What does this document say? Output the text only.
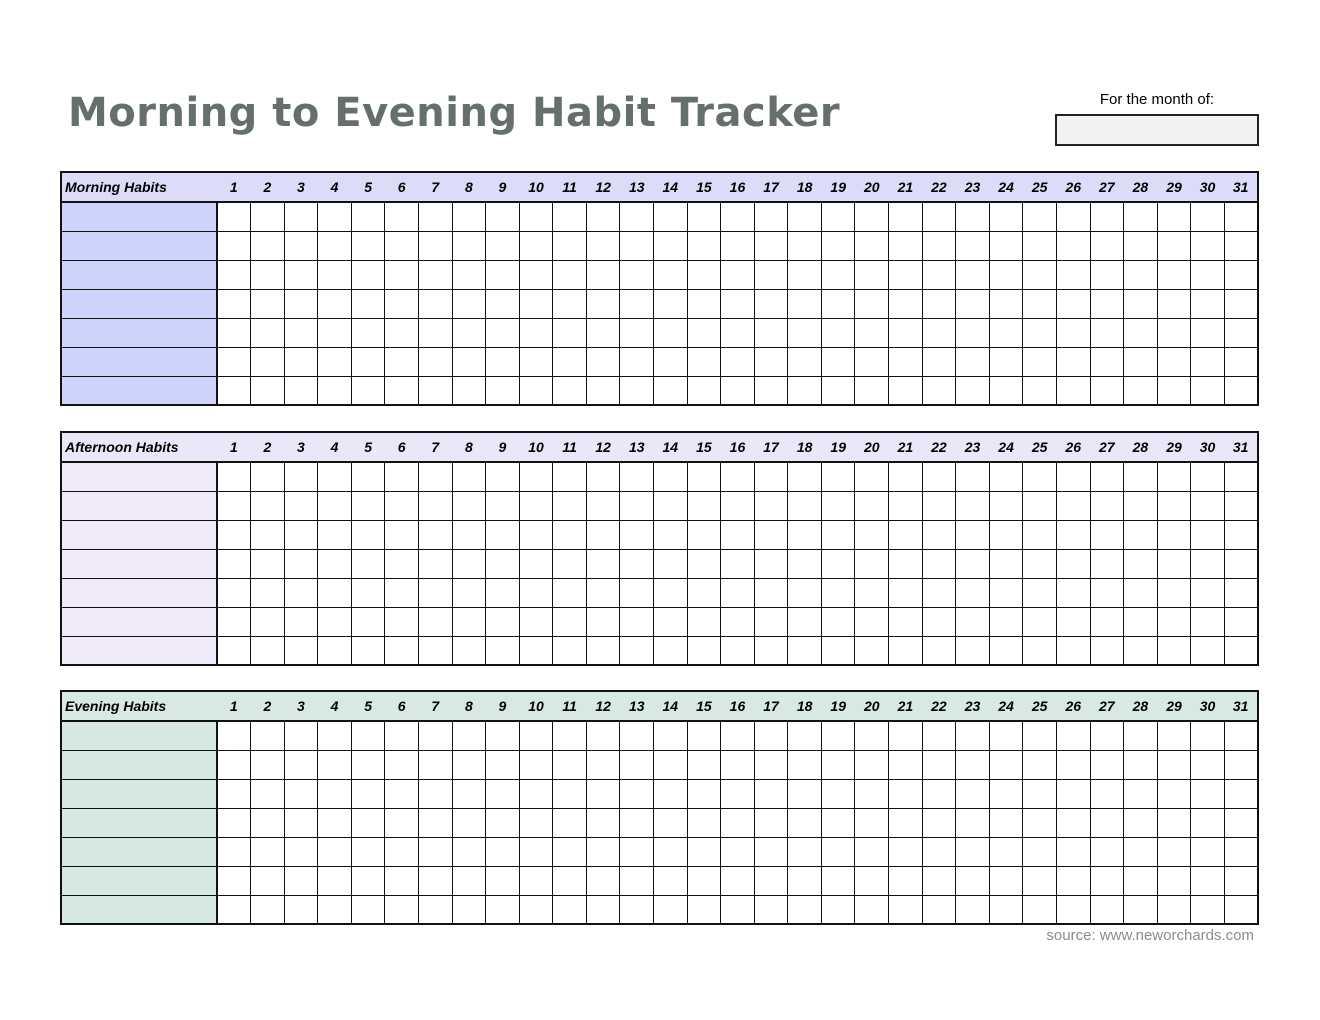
Morning to Evening Habit Tracker	For the month of:
Morning Habits	1	2	3	4	5	6	7	8	9	10	11	12	13	14	15	16	17	18	19	20	21	22	23	24	25	26	27	28	29	30	31

Afternoon Habits	1	2	3	4	5	6	7	8	9	10	11	12	13	14	15	16	17	18	19	20	21	22	23	24	25	26	27	28	29	30	31

Evening Habits	1	2	3	4	5	6	7	8	9	10	11	12	13	14	15	16	17	18	19	20	21	22	23	24	25	26	27	28	29	30	31

source: www.neworchards.com
